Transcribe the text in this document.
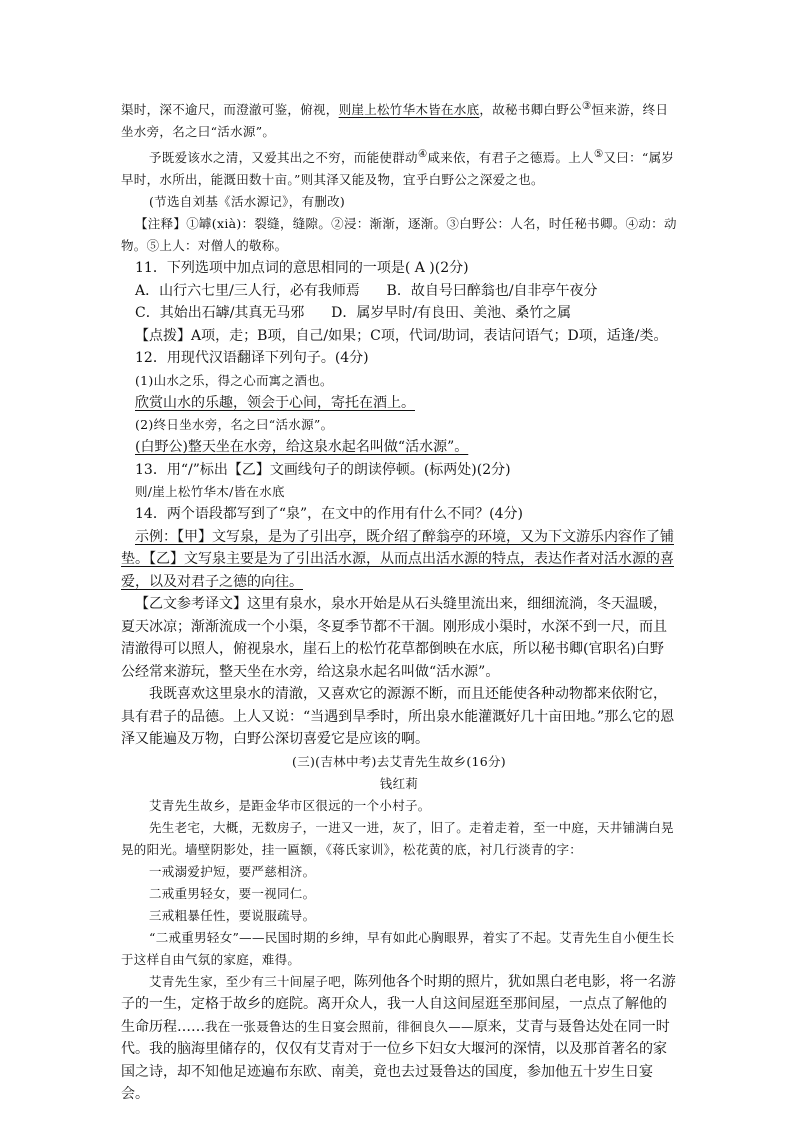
渠时，深不逾尺，而澄澈可鉴，俯视，则崖上松竹华木皆在水底，故秘书卿白野公③恒来游，终日坐水旁，名之曰“活水源”。

予既爱该水之清，又爱其出之不穷，而能使群动④咸来依，有君子之德焉。上人⑤又曰：“属岁早时，水所出，能溉田数十亩。”则其泽又能及物，宜乎白野公之深爱之也。

(节选自刘基《活水源记》，有删改)

【注释】①罅(xià)：裂缝，缝隙。②浸：渐渐，逐渐。③白野公：人名，时任秘书卿。④动：动物。⑤上人：对僧人的敬称。

11．下列选项中加点词的意思相同的一项是( A )(2分)

A．山行六七里/三人行，必有我师焉 B．故自号曰醉翁也/自非亭午夜分

C．其始出石罅/其真无马邪 D．属岁早时/有良田、美池、桑竹之属

【点拨】A项，走；B项，自己/如果；C项，代词/助词，表诘问语气；D项，适逢/类。

12．用现代汉语翻译下列句子。(4分)

(1)山水之乐，得之心而寓之酒也。

欣赏山水的乐趣，领会于心间，寄托在酒上。

(2)终日坐水旁，名之曰“活水源”。

(白野公)整天坐在水旁，给这泉水起名叫做“活水源”。

13．用“/”标出【乙】文画线句子的朗读停顿。(标两处)(2分)

则/崖上松竹华木/皆在水底

14．两个语段都写到了“泉”，在文中的作用有什么不同？(4分)

示例：【甲】文写泉，是为了引出亭，既介绍了醉翁亭的环境，又为下文游乐内容作了铺垫。【乙】文写泉主要是为了引出活水源，从而点出活水源的特点，表达作者对活水源的喜爱，以及对君子之德的向往。

【乙文参考译文】这里有泉水，泉水开始是从石头缝里流出来，细细流淌，冬天温暖，夏天冰凉；渐渐流成一个小渠，冬夏季节都不干涸。刚形成小渠时，水深不到一尺，而且清澈得可以照人，俯视泉水，崖石上的松竹花草都倒映在水底，所以秘书卿(官职名)白野公经常来游玩，整天坐在水旁，给这泉水起名叫做“活水源”。

我既喜欢这里泉水的清澈，又喜欢它的源源不断，而且还能使各种动物都来依附它，具有君子的品德。上人又说：“当遇到旱季时，所出泉水能灌溉好几十亩田地。”那么它的恩泽又能遍及万物，白野公深切喜爱它是应该的啊。

(三)(吉林中考)去艾青先生故乡(16分)

钱红莉

艾青先生故乡，是距金华市区很远的一个小村子。

先生老宅，大概，无数房子，一进又一进，灰了，旧了。走着走着，至一中庭，天井铺满白晃晃的阳光。墙壁阴影处，挂一匾额，《蒋氏家训》，松花黄的底，衬几行淡青的字：

一戒溺爱护短，要严慈相济。

二戒重男轻女，要一视同仁。

三戒粗暴任性，要说服疏导。

“二戒重男轻女”——民国时期的乡绅，早有如此心胸眼界，着实了不起。艾青先生自小便生长于这样自由气氛的家庭，难得。

艾青先生家，至少有三十间屋子吧，陈列他各个时期的照片，犹如黑白老电影，将一名游子的一生，定格于故乡的庭院。离开众人，我一人自这间屋逛至那间屋，一点点了解他的生命历程……我在一张聂鲁达的生日宴会照前，徘徊良久——原来，艾青与聂鲁达处在同一时代。我的脑海里储存的，仅仅有艾青对于一位乡下妇女大堰河的深情，以及那首著名的家国之诗，却不知他足迹遍布东欧、南美，竟也去过聂鲁达的国度，参加他五十岁生日宴会。
